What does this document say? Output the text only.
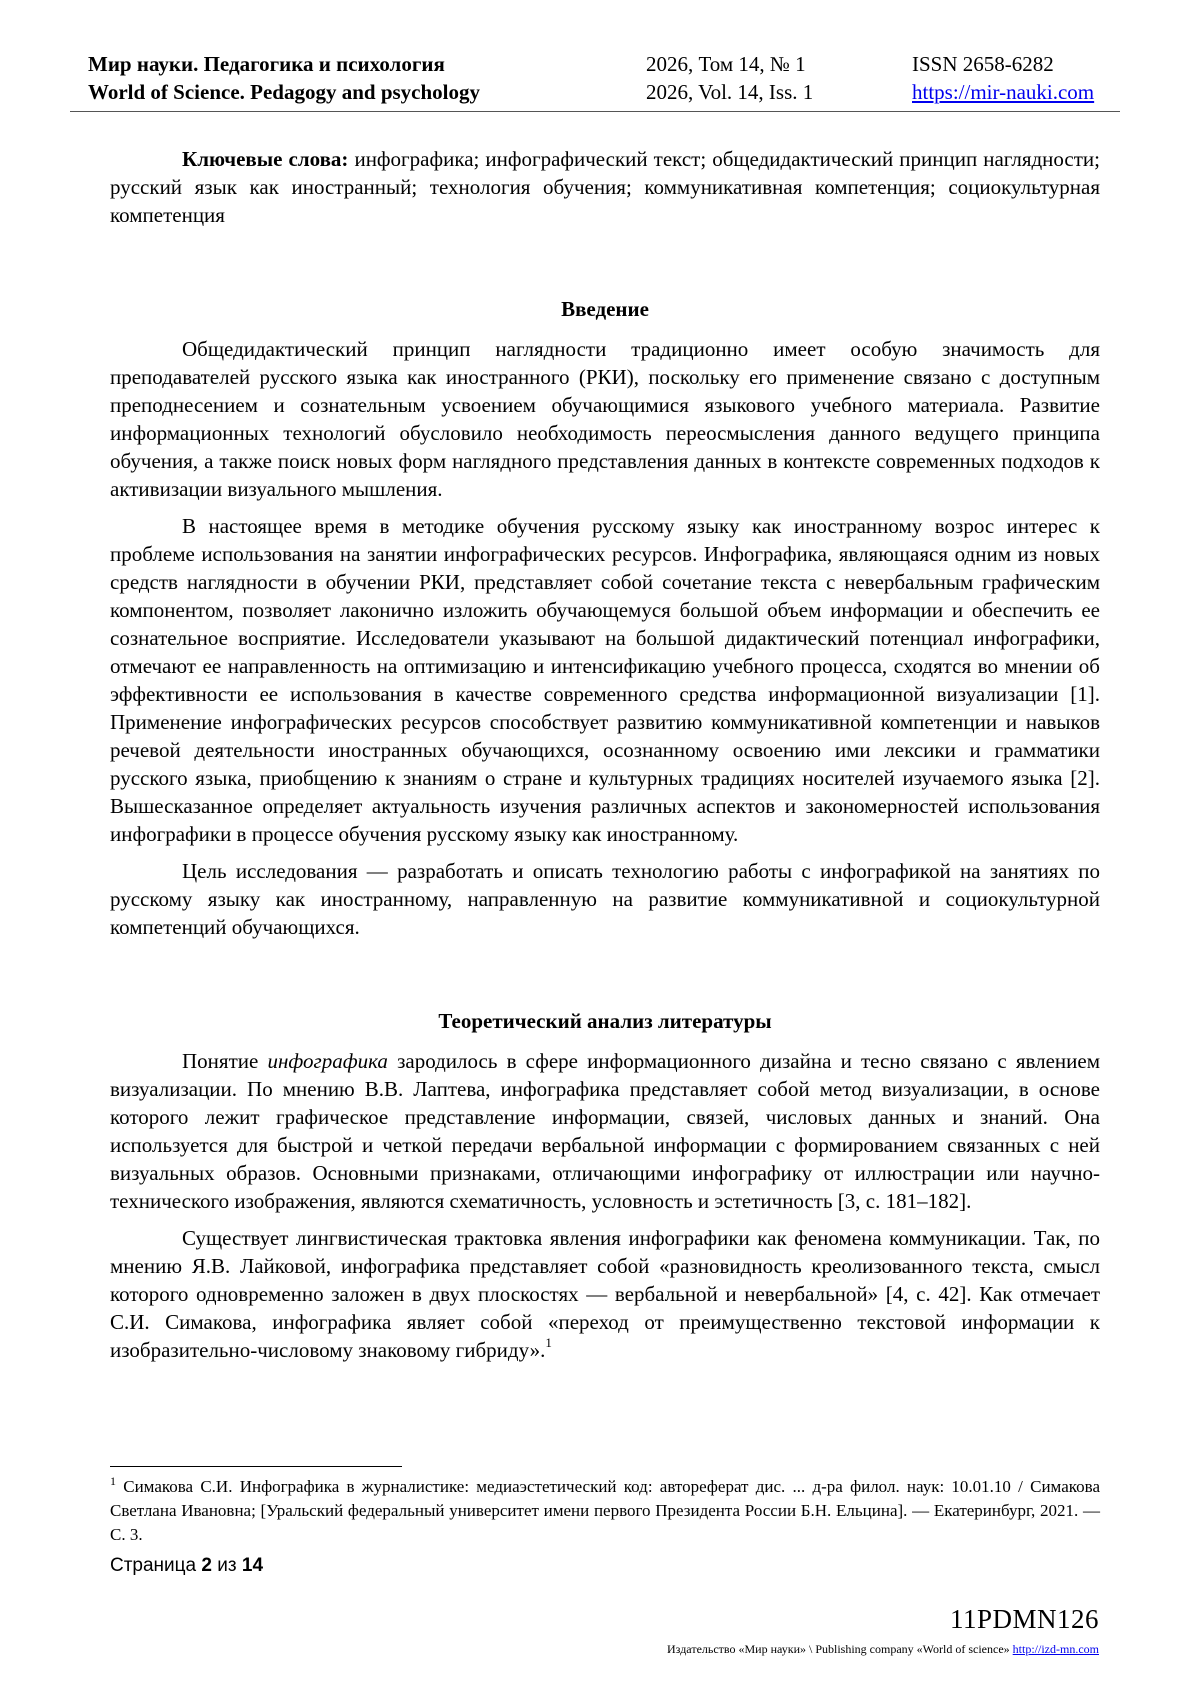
Мир науки. Педагогика и психология
World of Science. Pedagogy and psychology
2026, Том 14, № 1
2026, Vol. 14, Iss. 1
ISSN 2658-6282
https://mir-nauki.com

Ключевые слова: инфографика; инфографический текст; общедидактический принцип наглядности; русский язык как иностранный; технология обучения; коммуникативная компетенция; социокультурная компетенция

Введение

Общедидактический принцип наглядности традиционно имеет особую значимость для преподавателей русского языка как иностранного (РКИ), поскольку его применение связано с доступным преподнесением и сознательным усвоением обучающимися языкового учебного материала. Развитие информационных технологий обусловило необходимость переосмысления данного ведущего принципа обучения, а также поиск новых форм наглядного представления данных в контексте современных подходов к активизации визуального мышления.

В настоящее время в методике обучения русскому языку как иностранному возрос интерес к проблеме использования на занятии инфографических ресурсов. Инфографика, являющаяся одним из новых средств наглядности в обучении РКИ, представляет собой сочетание текста с невербальным графическим компонентом, позволяет лаконично изложить обучающемуся большой объем информации и обеспечить ее сознательное восприятие. Исследователи указывают на большой дидактический потенциал инфографики, отмечают ее направленность на оптимизацию и интенсификацию учебного процесса, сходятся во мнении об эффективности ее использования в качестве современного средства информационной визуализации [1]. Применение инфографических ресурсов способствует развитию коммуникативной компетенции и навыков речевой деятельности иностранных обучающихся, осознанному освоению ими лексики и грамматики русского языка, приобщению к знаниям о стране и культурных традициях носителей изучаемого языка [2]. Вышесказанное определяет актуальность изучения различных аспектов и закономерностей использования инфографики в процессе обучения русскому языку как иностранному.

Цель исследования — разработать и описать технологию работы с инфографикой на занятиях по русскому языку как иностранному, направленную на развитие коммуникативной и социокультурной компетенций обучающихся.

Теоретический анализ литературы

Понятие инфографика зародилось в сфере информационного дизайна и тесно связано с явлением визуализации. По мнению В.В. Лаптева, инфографика представляет собой метод визуализации, в основе которого лежит графическое представление информации, связей, числовых данных и знаний. Она используется для быстрой и четкой передачи вербальной информации с формированием связанных с ней визуальных образов. Основными признаками, отличающими инфографику от иллюстрации или научно-технического изображения, являются схематичность, условность и эстетичность [3, с. 181–182].

Существует лингвистическая трактовка явления инфографики как феномена коммуникации. Так, по мнению Я.В. Лайковой, инфографика представляет собой «разновидность креолизованного текста, смысл которого одновременно заложен в двух плоскостях — вербальной и невербальной» [4, с. 42]. Как отмечает С.И. Симакова, инфографика являет собой «переход от преимущественно текстовой информации к изобразительно-числовому знаковому гибриду».$^1$

$^1$ Симакова С.И. Инфографика в журналистике: медиаэстетический код: автореферат дис. ... д-ра филол. наук: 10.01.10 / Симакова Светлана Ивановна; [Уральский федеральный университет имени первого Президента России Б.Н. Ельцина]. — Екатеринбург, 2021. — С. 3.
Страница 2 из 14
11PDMN126
Издательство «Мир науки» \ Publishing company «World of science» http://izd-mn.com
